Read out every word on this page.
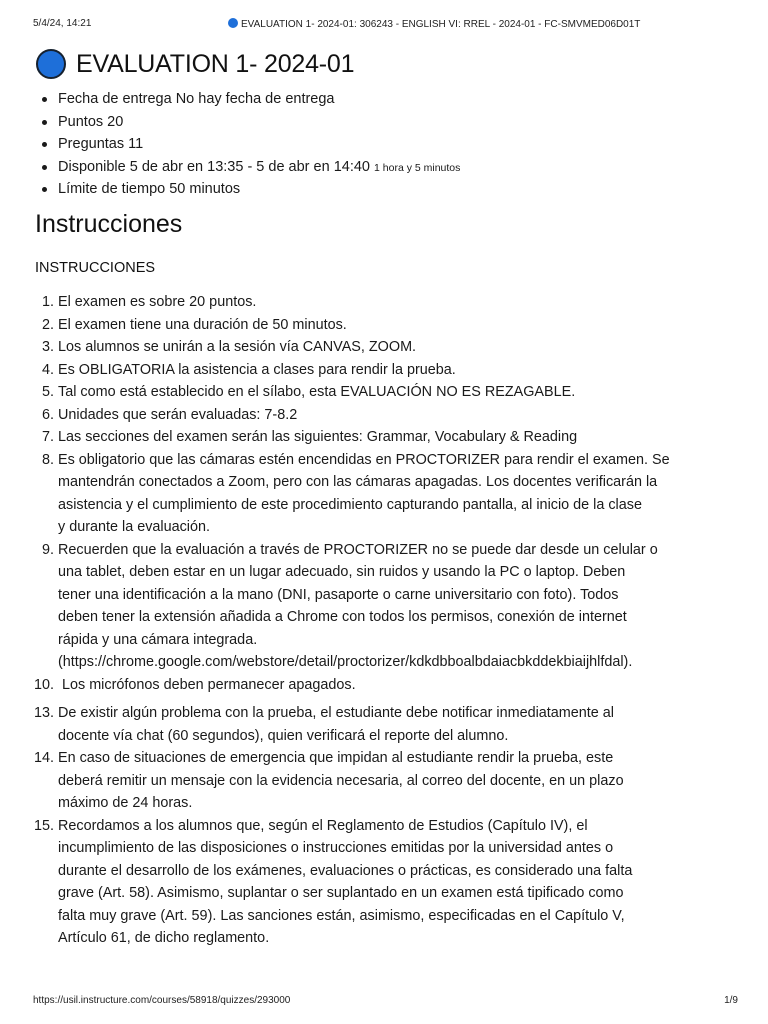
5/4/24, 14:21	EVALUATION 1- 2024-01: 306243 - ENGLISH VI: RREL - 2024-01 - FC-SMVMED06D01T
EVALUATION 1- 2024-01
Fecha de entrega No hay fecha de entrega
Puntos 20
Preguntas 11
Disponible 5 de abr en 13:35 - 5 de abr en 14:40 1 hora y 5 minutos
Límite de tiempo 50 minutos
Instrucciones
INSTRUCCIONES
1. El examen es sobre 20 puntos.
2. El examen tiene una duración de 50 minutos.
3. Los alumnos se unirán a la sesión vía CANVAS, ZOOM.
4. Es OBLIGATORIA la asistencia a clases para rendir la prueba.
5. Tal como está establecido en el sílabo, esta EVALUACIÓN NO ES REZAGABLE.
6. Unidades que serán evaluadas: 7-8.2
7. Las secciones del examen serán las siguientes: Grammar, Vocabulary & Reading
8. Es obligatorio que las cámaras estén encendidas en PROCTORIZER para rendir el examen. Se
mantendrán conectados a Zoom, pero con las cámaras apagadas. Los docentes verificarán la
asistencia y el cumplimiento de este procedimiento capturando pantalla, al inicio de la clase
y durante la evaluación.
9. Recuerden que la evaluación a través de PROCTORIZER no se puede dar desde un celular o
una tablet, deben estar en un lugar adecuado, sin ruidos y usando la PC o laptop. Deben
tener una identificación a la mano (DNI, pasaporte o carne universitario con foto). Todos
deben tener la extensión añadida a Chrome con todos los permisos, conexión de internet
rápida y una cámara integrada.
(https://chrome.google.com/webstore/detail/proctorizer/kdkdbboalbdaiacbkddekbiaijhlfdal).
10. Los micrófonos deben permanecer apagados.
13. De existir algún problema con la prueba, el estudiante debe notificar inmediatamente al
docente vía chat (60 segundos), quien verificará el reporte del alumno.
14. En caso de situaciones de emergencia que impidan al estudiante rendir la prueba, este
deberá remitir un mensaje con la evidencia necesaria, al correo del docente, en un plazo
máximo de 24 horas.
15. Recordamos a los alumnos que, según el Reglamento de Estudios (Capítulo IV), el
incumplimiento de las disposiciones o instrucciones emitidas por la universidad antes o
durante el desarrollo de los exámenes, evaluaciones o prácticas, es considerado una falta
grave (Art. 58). Asimismo, suplantar o ser suplantado en un examen está tipificado como
falta muy grave (Art. 59). Las sanciones están, asimismo, especificadas en el Capítulo V,
Artículo 61, de dicho reglamento.
https://usil.instructure.com/courses/58918/quizzes/293000	1/9
